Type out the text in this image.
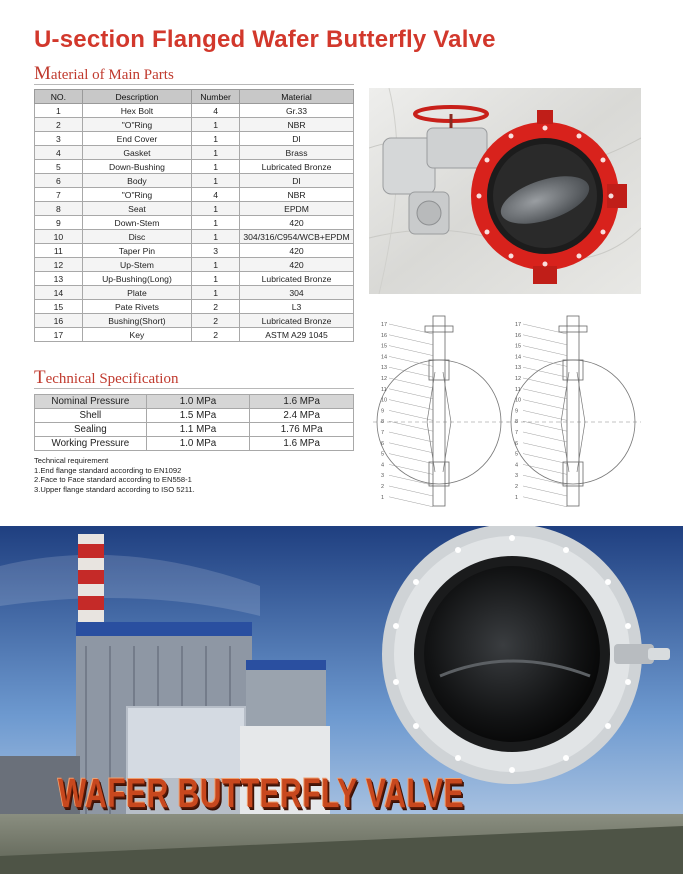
U-section Flanged Wafer Butterfly Valve
Material of Main Parts
NO.	Description	Number	Material
1	Hex Bolt	4	Gr.33
2	"O"Ring	1	NBR
3	End Cover	1	DI
4	Gasket	1	Brass
5	Down-Bushing	1	Lubricated Bronze
6	Body	1	DI
7	"O"Ring	4	NBR
8	Seat	1	EPDM
9	Down-Stem	1	420
10	Disc	1	304/316/C954/WCB+EPDM
11	Taper Pin	3	420
12	Up-Stem	1	420
13	Up-Bushing(Long)	1	Lubricated Bronze
14	Plate	1	304
15	Pate Rivets	2	L3
16	Bushing(Short)	2	Lubricated Bronze
17	Key	2	ASTM A29 1045
Technical Specification
Nominal Pressure	1.0 MPa	1.6 MPa
Shell	1.5 MPa	2.4 MPa
Sealing	1.1 MPa	1.76 MPa
Working Pressure	1.0 MPa	1.6 MPa
Technical requirement
1.End flange standard according to EN1092
2.Face to Face standard according to EN558-1
3.Upper flange standard according to ISO 5211.
17
16
15
14
13
12
11
10
9
8
7
6
5
4
3
2
1
17
16
15
14
13
12
11
10
9
8
7
6
5
4
3
2
1
WAFER BUTTERFLY VALVE
